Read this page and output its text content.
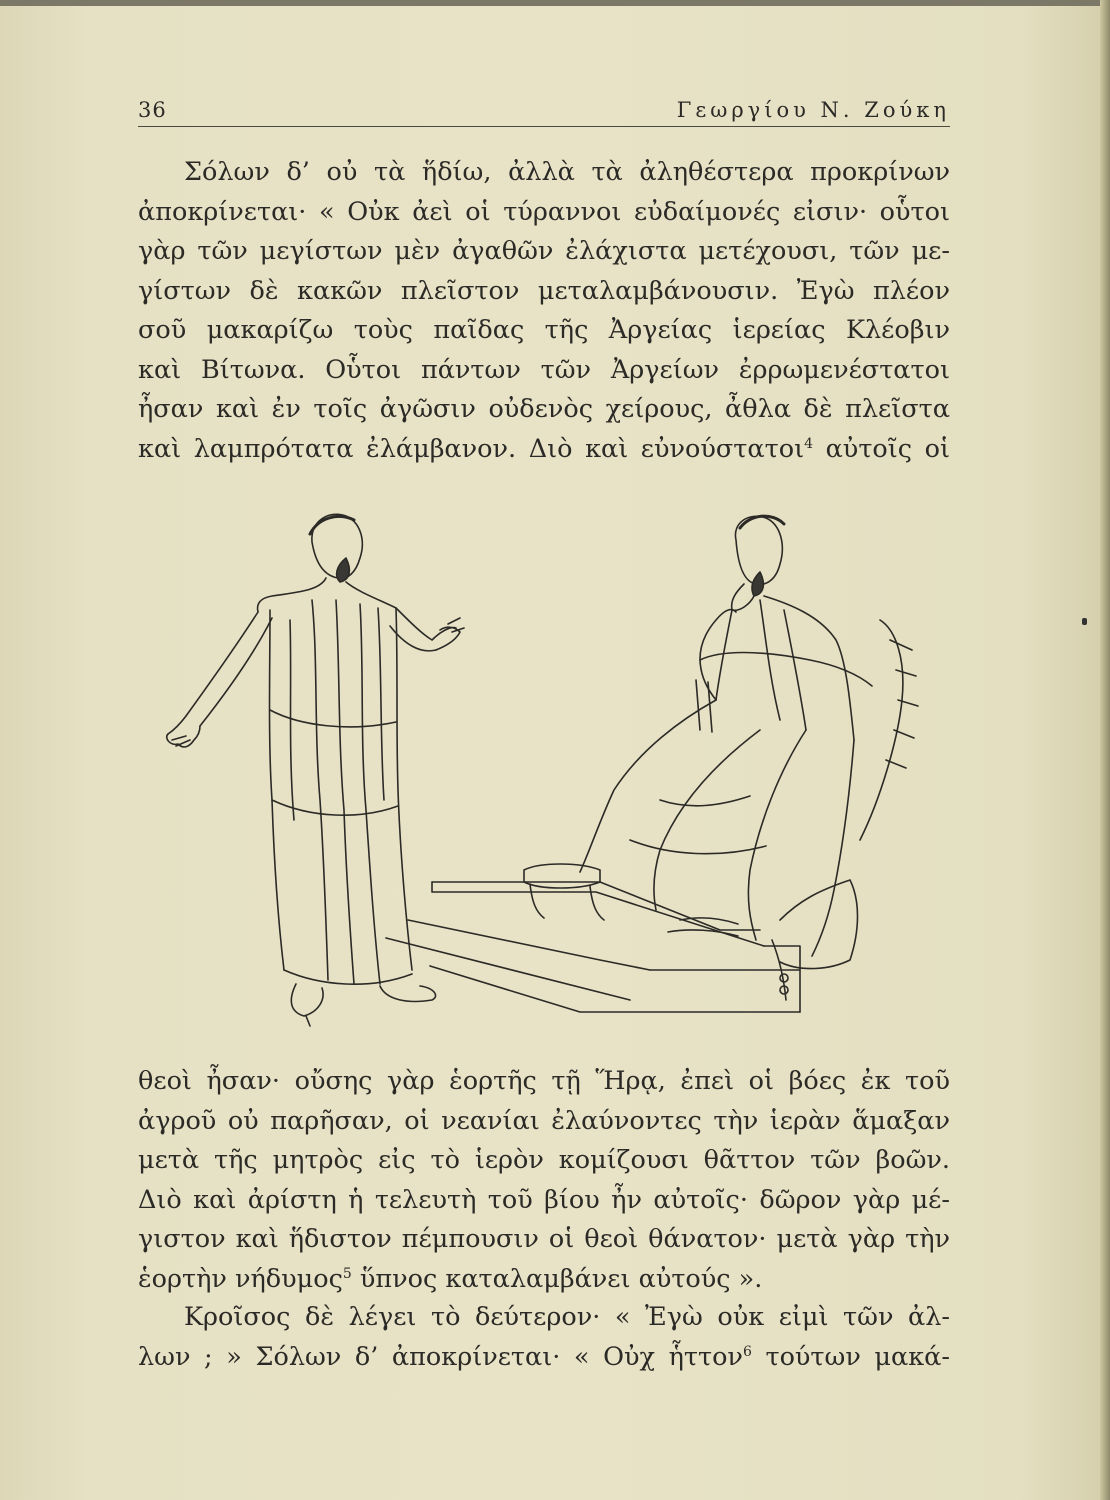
36	Γεωργίου Ν. Ζούκη

Σόλων δ’ οὐ τὰ ἥδίω, ἀλλὰ τὰ ἀληθέστερα προκρίνων
ἀποκρίνεται· « Οὐκ ἀεὶ οἱ τύραννοι εὐδαίμονές εἰσιν· οὗτοι
γὰρ τῶν μεγίστων μὲν ἀγαθῶν ἐλάχιστα μετέχουσι, τῶν με-
γίστων δὲ κακῶν πλεῖστον μεταλαμβάνουσιν. Ἐγὼ πλέον
σοῦ μακαρίζω τοὺς παῖδας τῆς Ἀργείας ἱερείας Κλέοβιν
καὶ Βίτωνα. Οὗτοι πάντων τῶν Ἀργείων ἐρρωμενέστατοι
ἦσαν καὶ ἐν τοῖς ἀγῶσιν οὐδενὸς χείρους, ἆθλα δὲ πλεῖστα
καὶ λαμπρότατα ἐλάμβανον. Διὸ καὶ εὐνούστατοι$^4$ αὐτοῖς οἱ

θεοὶ ἦσαν· οὔσης γὰρ ἑορτῆς τῇ Ἥρᾳ, ἐπεὶ οἱ βόες ἐκ τοῦ
ἀγροῦ οὐ παρῆσαν, οἱ νεανίαι ἐλαύνοντες τὴν ἱερὰν ἅμαξαν
μετὰ τῆς μητρὸς εἰς τὸ ἱερὸν κομίζουσι θᾶττον τῶν βοῶν.
Διὸ καὶ ἀρίστη ἡ τελευτὴ τοῦ βίου ἦν αὐτοῖς· δῶρον γὰρ μέ-
γιστον καὶ ἥδιστον πέμπουσιν οἱ θεοὶ θάνατον· μετὰ γὰρ τὴν
ἑορτὴν νήδυμος$^5$ ὕπνος καταλαμβάνει αὐτούς ».

Κροῖσος δὲ λέγει τὸ δεύτερον· « Ἐγὼ οὐκ εἰμὶ τῶν ἀλ-
λων ; » Σόλων δ’ ἀποκρίνεται· « Οὐχ ἧττον$^6$ τούτων μακά-
